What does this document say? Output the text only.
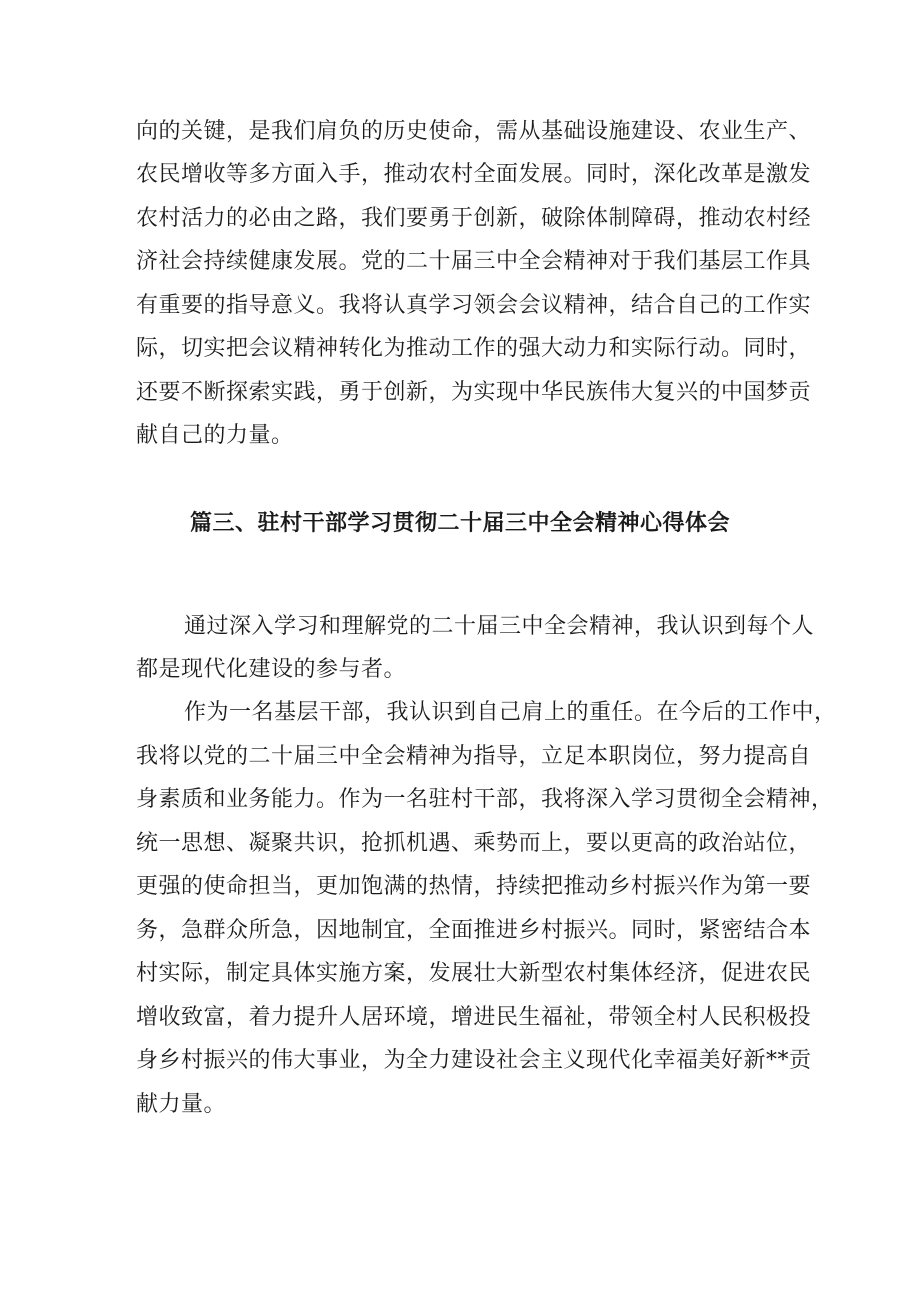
向的关键，是我们肩负的历史使命，需从基础设施建设、农业生产、
农民增收等多方面入手，推动农村全面发展。同时，深化改革是激发
农村活力的必由之路，我们要勇于创新，破除体制障碍，推动农村经
济社会持续健康发展。党的二十届三中全会精神对于我们基层工作具
有重要的指导意义。我将认真学习领会会议精神，结合自己的工作实
际，切实把会议精神转化为推动工作的强大动力和实际行动。同时，
还要不断探索实践，勇于创新，为实现中华民族伟大复兴的中国梦贡
献自己的力量。
篇三、驻村干部学习贯彻二十届三中全会精神心得体会
通过深入学习和理解党的二十届三中全会精神，我认识到每个人
都是现代化建设的参与者。
作为一名基层干部，我认识到自己肩上的重任。在今后的工作中，
我将以党的二十届三中全会精神为指导，立足本职岗位，努力提高自
身素质和业务能力。作为一名驻村干部，我将深入学习贯彻全会精神，
统一思想、凝聚共识，抢抓机遇、乘势而上，要以更高的政治站位，
更强的使命担当，更加饱满的热情，持续把推动乡村振兴作为第一要
务，急群众所急，因地制宜，全面推进乡村振兴。同时，紧密结合本
村实际，制定具体实施方案，发展壮大新型农村集体经济，促进农民
增收致富，着力提升人居环境，增进民生福祉，带领全村人民积极投
身乡村振兴的伟大事业，为全力建设社会主义现代化幸福美好新**贡
献力量。
